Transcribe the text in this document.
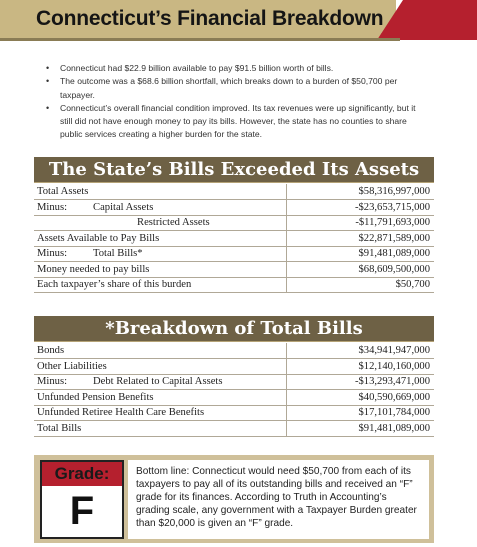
Connecticut’s Financial Breakdown
• Connecticut had $22.9 billion available to pay $91.5 billion worth of bills.
• The outcome was a $68.6 billion shortfall, which breaks down to a burden of $50,700 per taxpayer.
• Connecticut’s overall financial condition improved. Its tax revenues were up significantly, but it still did not have enough money to pay its bills. However, the state has no counties to share public services creating a higher burden for the state.
The State’s Bills Exceeded Its Assets
Total Assets	$58,316,997,000
Minus: Capital Assets	-$23,653,715,000
Restricted Assets	-$11,791,693,000
Assets Available to Pay Bills	$22,871,589,000
Minus: Total Bills*	$91,481,089,000
Money needed to pay bills	$68,609,500,000
Each taxpayer’s share of this burden	$50,700
*Breakdown of Total Bills
Bonds	$34,941,947,000
Other Liabilities	$12,140,160,000
Minus: Debt Related to Capital Assets	-$13,293,471,000
Unfunded Pension Benefits	$40,590,669,000
Unfunded Retiree Health Care Benefits	$17,101,784,000
Total Bills	$91,481,089,000
Grade:
F
Bottom line: Connecticut would need $50,700 from each of its taxpayers to pay all of its outstanding bills and received an “F” grade for its finances. According to Truth in Accounting’s grading scale, any government with a Taxpayer Burden greater than $20,000 is given an “F” grade.
